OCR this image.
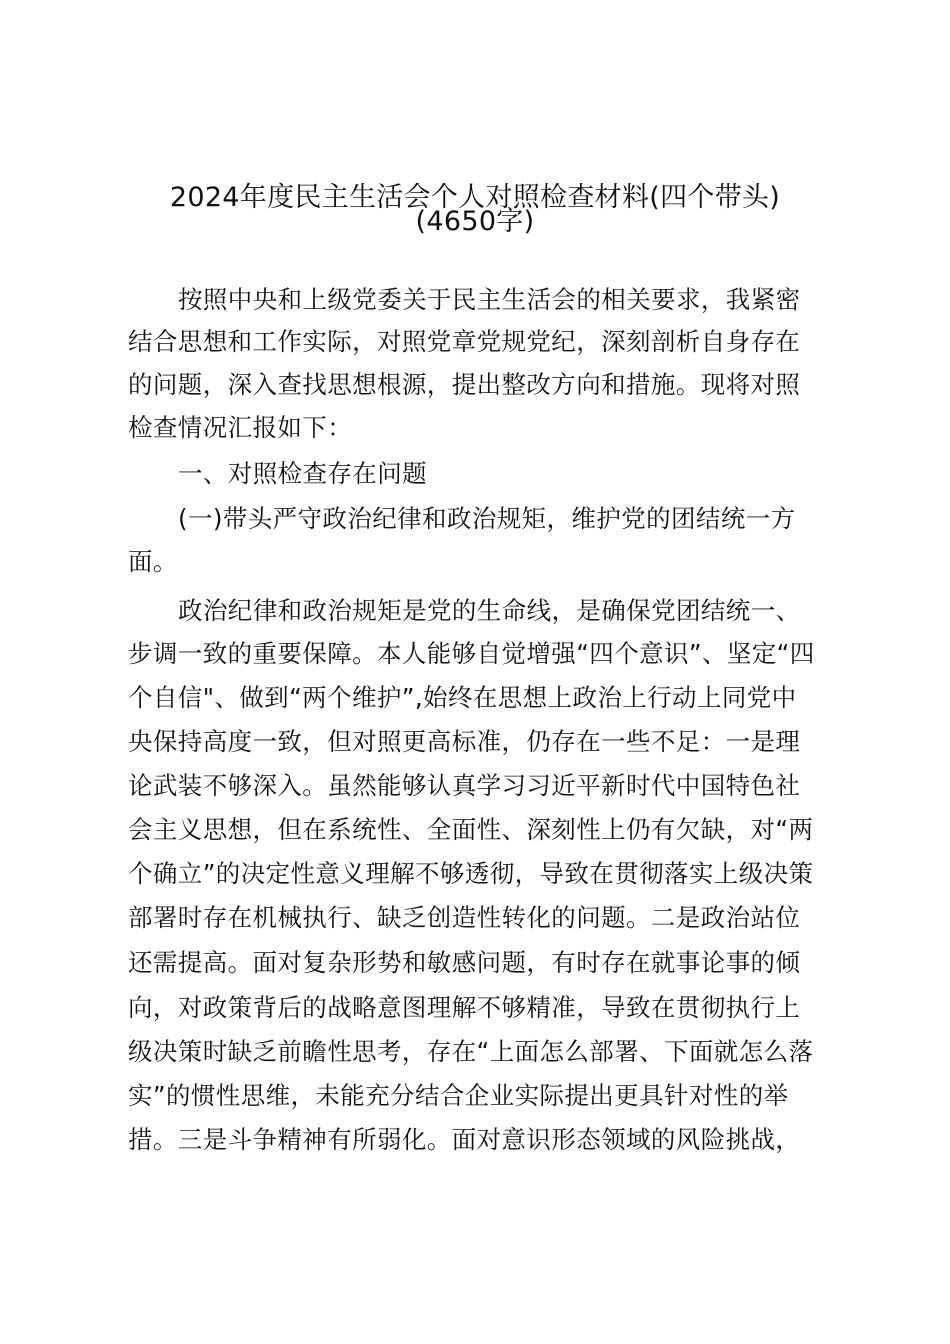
2024年度民主生活会个人对照检查材料(四个带头)
(4650字)
按照中央和上级党委关于民主生活会的相关要求，我紧密
结合思想和工作实际，对照党章党规党纪，深刻剖析自身存在
的问题，深入查找思想根源，提出整改方向和措施。现将对照
检查情况汇报如下：
一、对照检查存在问题
(一)带头严守政治纪律和政治规矩，维护党的团结统一方
面。
政治纪律和政治规矩是党的生命线，是确保党团结统一、
步调一致的重要保障。本人能够自觉增强“四个意识”、坚定“四
个自信"、做到“两个维护”,始终在思想上政治上行动上同党中
央保持高度一致，但对照更高标准，仍存在一些不足：一是理
论武装不够深入。虽然能够认真学习习近平新时代中国特色社
会主义思想，但在系统性、全面性、深刻性上仍有欠缺，对“两
个确立”的决定性意义理解不够透彻，导致在贯彻落实上级决策
部署时存在机械执行、缺乏创造性转化的问题。二是政治站位
还需提高。面对复杂形势和敏感问题，有时存在就事论事的倾
向，对政策背后的战略意图理解不够精准，导致在贯彻执行上
级决策时缺乏前瞻性思考，存在“上面怎么部署、下面就怎么落
实”的惯性思维，未能充分结合企业实际提出更具针对性的举
措。三是斗争精神有所弱化。面对意识形态领域的风险挑战，
